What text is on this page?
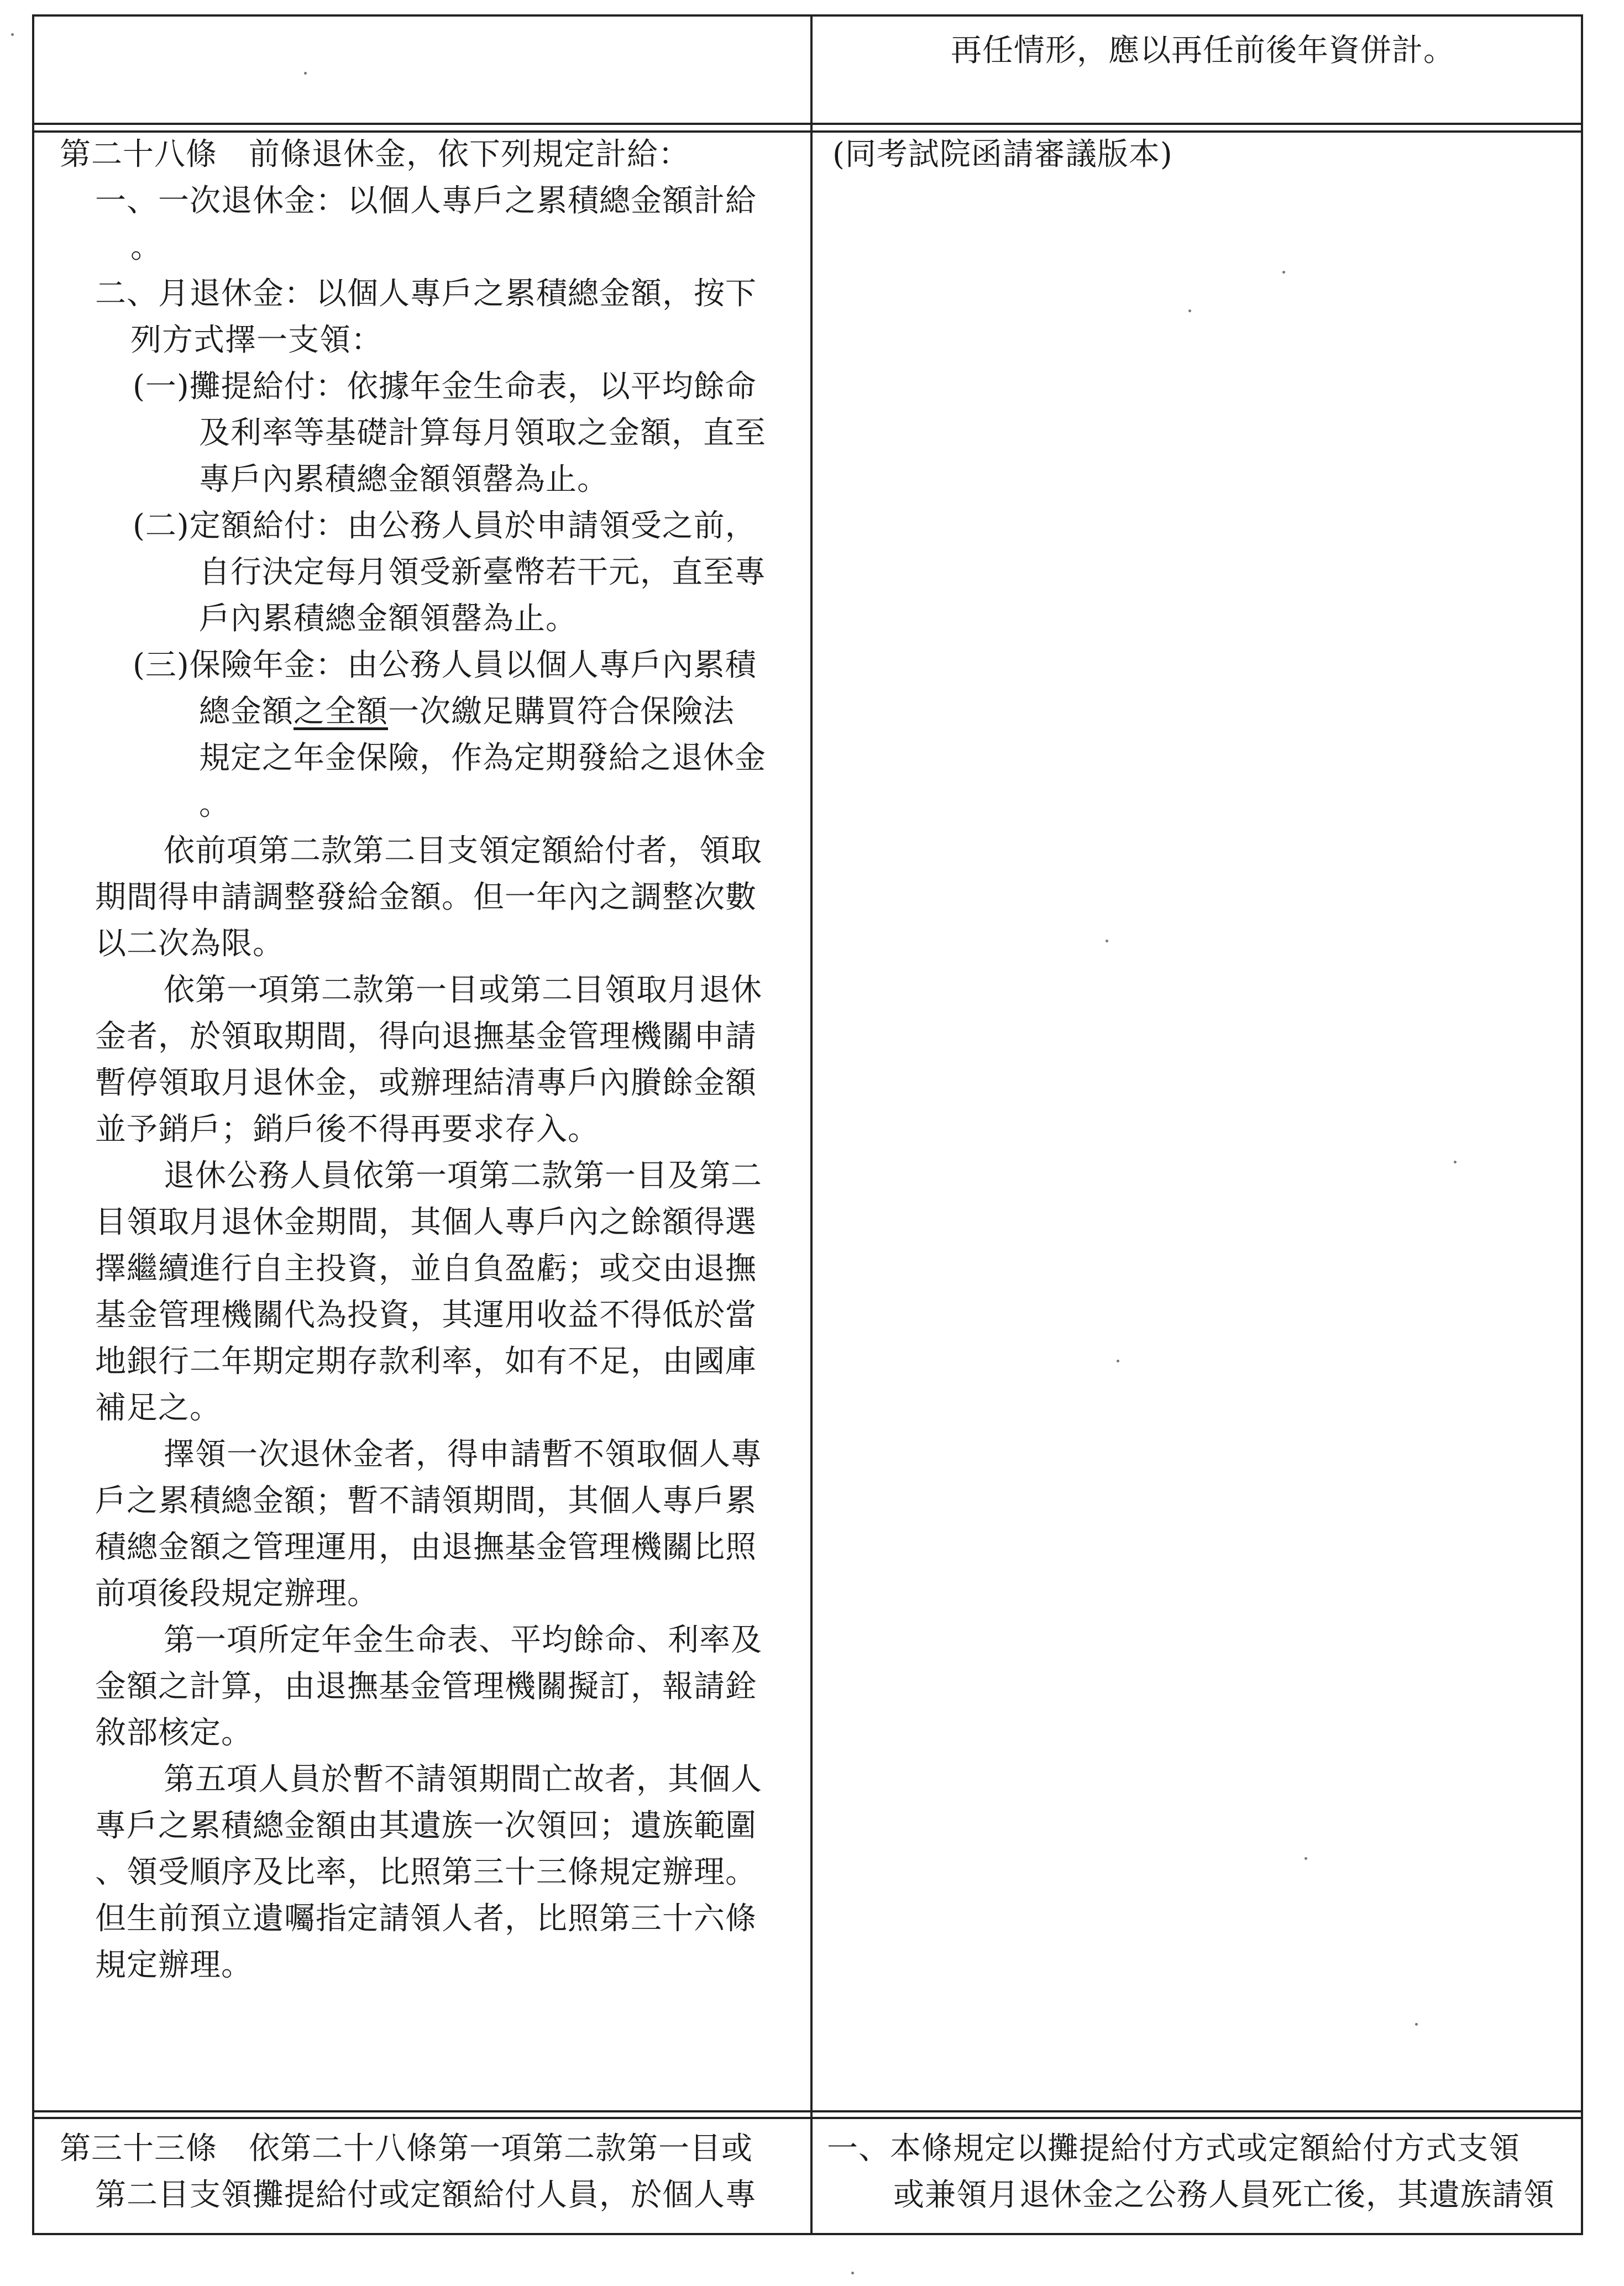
再任情形，應以再任前後年資併計。
第二十八條　前條退休金，依下列規定計給：
一、一次退休金：以個人專戶之累積總金額計給
。
二、月退休金：以個人專戶之累積總金額，按下
列方式擇一支領：
(一)攤提給付：依據年金生命表，以平均餘命
及利率等基礎計算每月領取之金額，直至
專戶內累積總金額領罄為止。
(二)定額給付：由公務人員於申請領受之前，
自行決定每月領受新臺幣若干元，直至專
戶內累積總金額領罄為止。
(三)保險年金：由公務人員以個人專戶內累積
總金額之全額一次繳足購買符合保險法
規定之年金保險，作為定期發給之退休金
。
依前項第二款第二目支領定額給付者，領取
期間得申請調整發給金額。但一年內之調整次數
以二次為限。
依第一項第二款第一目或第二目領取月退休
金者，於領取期間，得向退撫基金管理機關申請
暫停領取月退休金，或辦理結清專戶內賸餘金額
並予銷戶；銷戶後不得再要求存入。
退休公務人員依第一項第二款第一目及第二
目領取月退休金期間，其個人專戶內之餘額得選
擇繼續進行自主投資，並自負盈虧；或交由退撫
基金管理機關代為投資，其運用收益不得低於當
地銀行二年期定期存款利率，如有不足，由國庫
補足之。
擇領一次退休金者，得申請暫不領取個人專
戶之累積總金額；暫不請領期間，其個人專戶累
積總金額之管理運用，由退撫基金管理機關比照
前項後段規定辦理。
第一項所定年金生命表、平均餘命、利率及
金額之計算，由退撫基金管理機關擬訂，報請銓
敘部核定。
第五項人員於暫不請領期間亡故者，其個人
專戶之累積總金額由其遺族一次領回；遺族範圍
、領受順序及比率，比照第三十三條規定辦理。
但生前預立遺囑指定請領人者，比照第三十六條
規定辦理。
(同考試院函請審議版本)
第三十三條　依第二十八條第一項第二款第一目或
第二目支領攤提給付或定額給付人員，於個人專
一、本條規定以攤提給付方式或定額給付方式支領
或兼領月退休金之公務人員死亡後，其遺族請領
